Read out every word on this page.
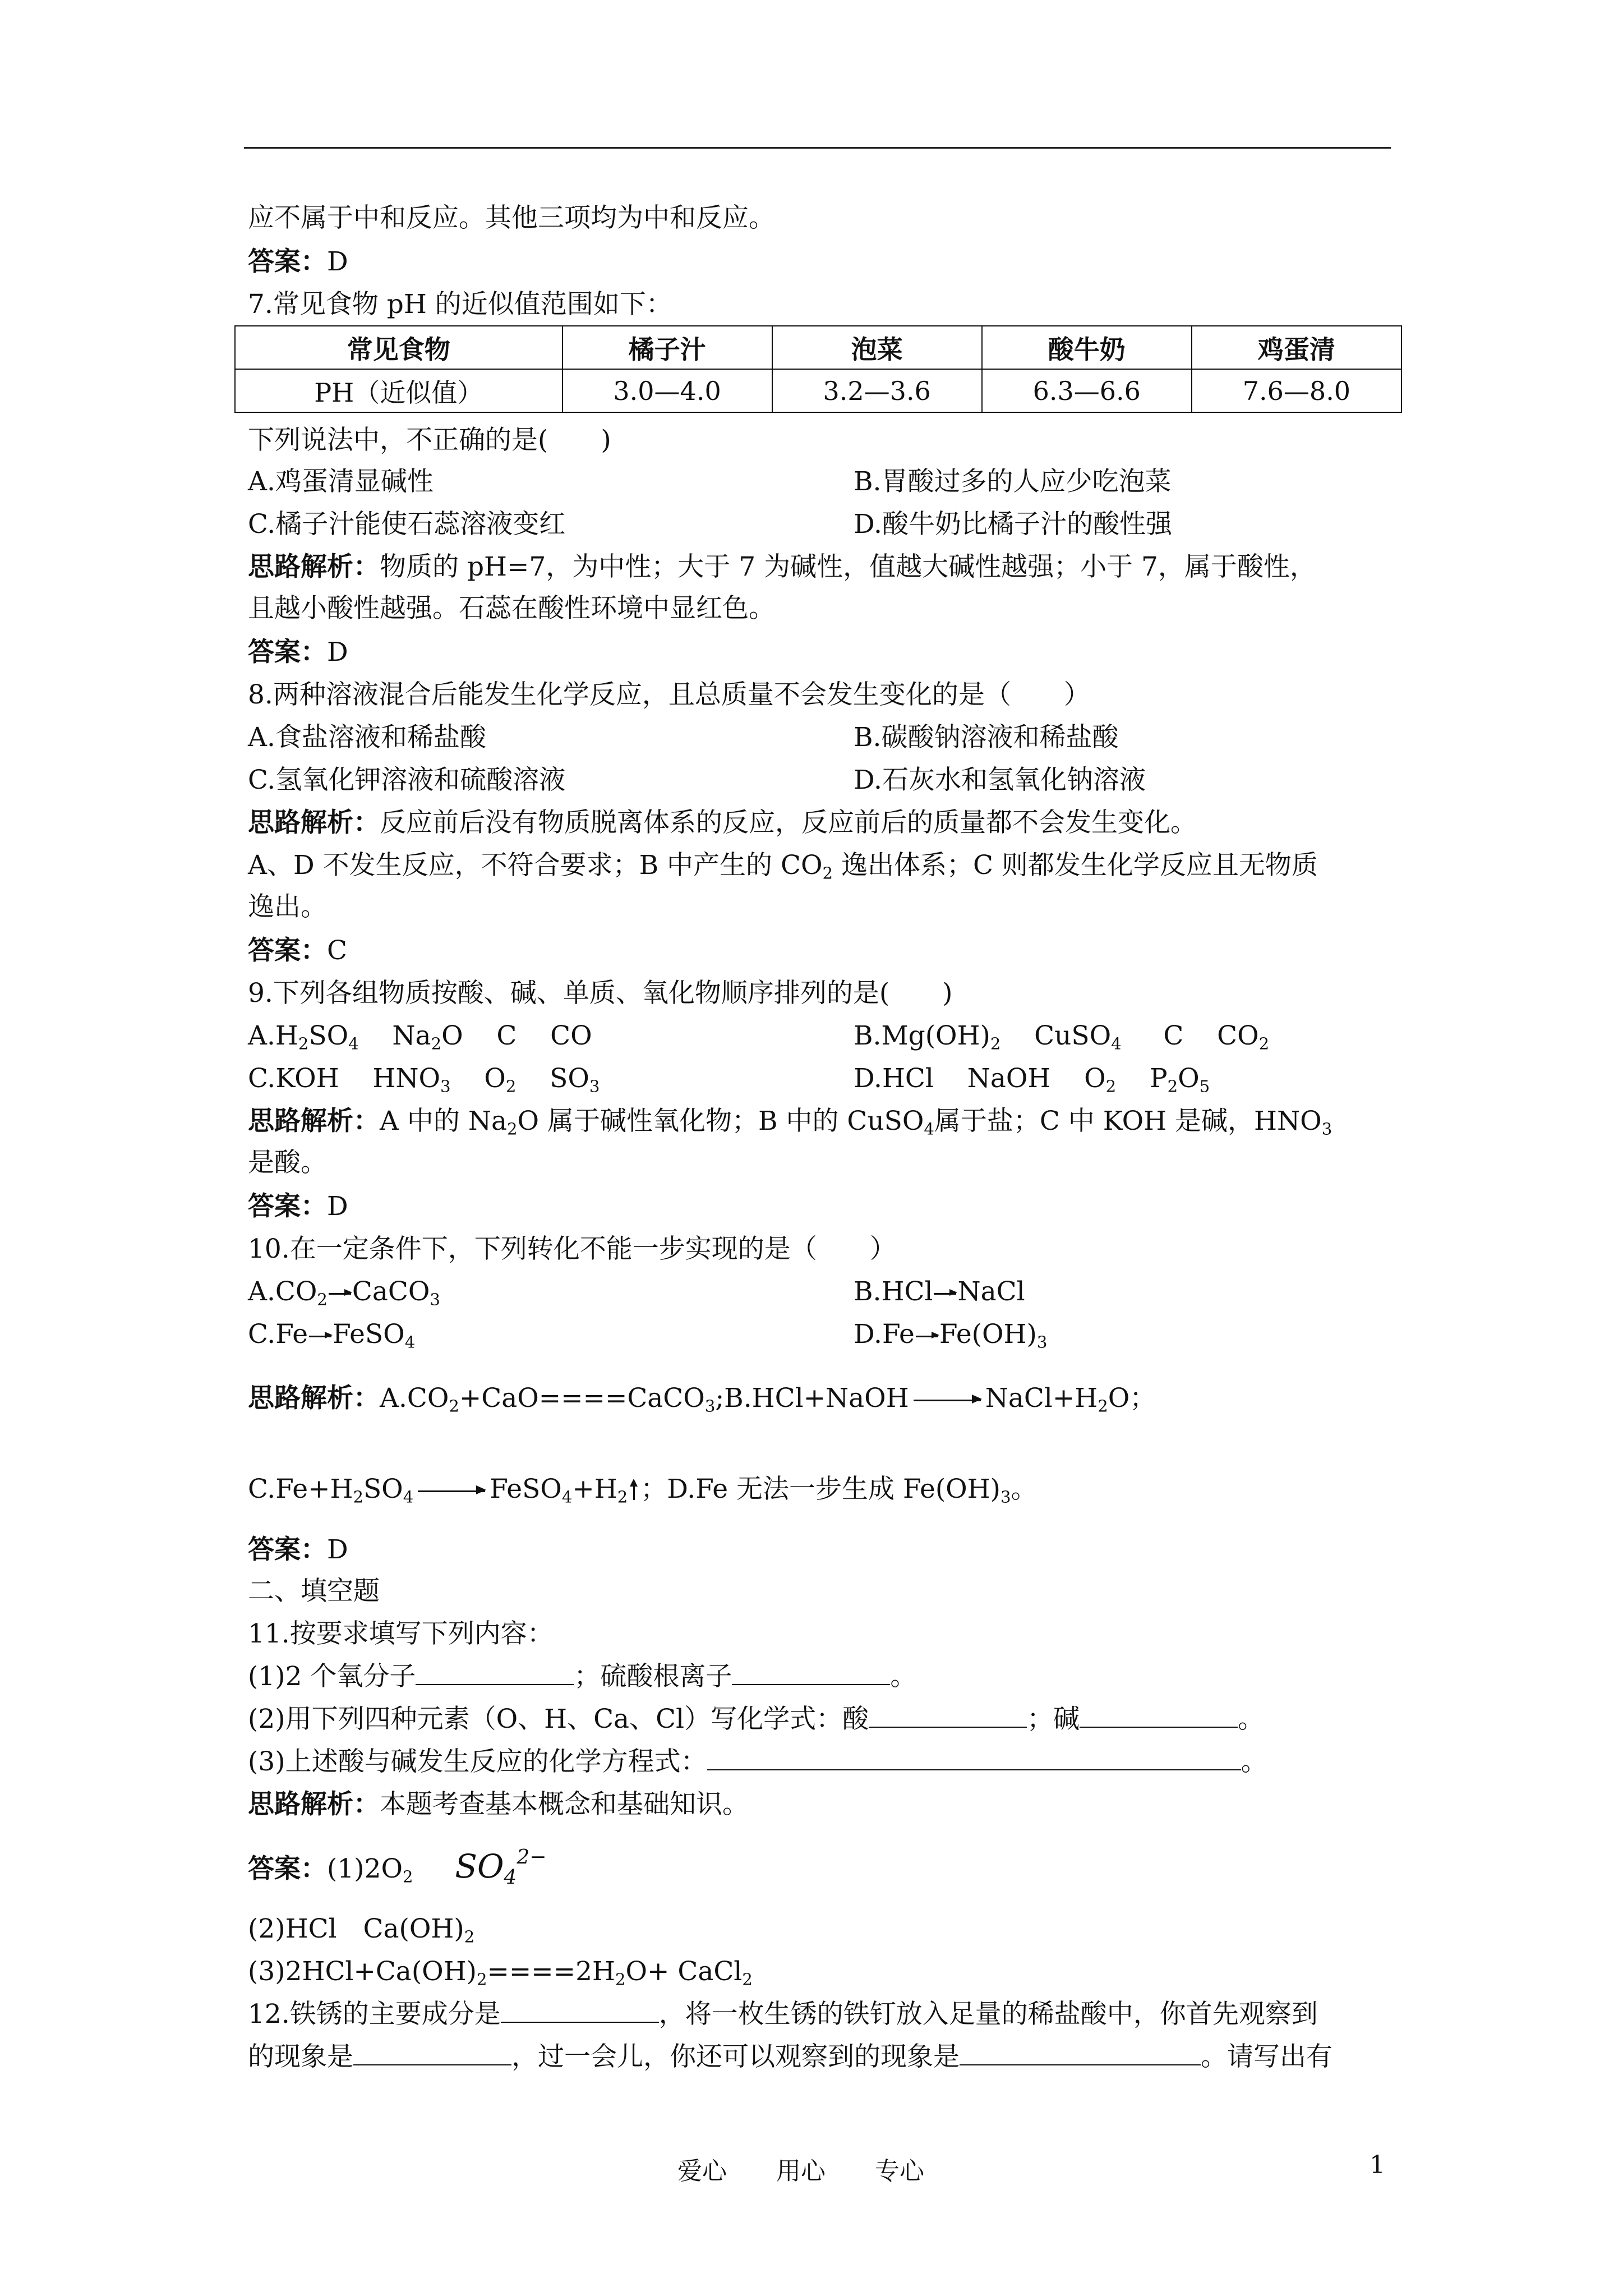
应不属于中和反应。其他三项均为中和反应。
答案：D
7.常见食物 pH 的近似值范围如下：
常见食物	橘子汁	泡菜	酸牛奶	鸡蛋清
PH（近似值）	3.0—4.0	3.2—3.6	6.3—6.6	7.6—8.0
下列说法中，不正确的是(　　)
A.鸡蛋清显碱性	B.胃酸过多的人应少吃泡菜
C.橘子汁能使石蕊溶液变红	D.酸牛奶比橘子汁的酸性强
思路解析：物质的 pH=7，为中性；大于 7 为碱性，值越大碱性越强；小于 7，属于酸性，
且越小酸性越强。石蕊在酸性环境中显红色。
答案：D
8.两种溶液混合后能发生化学反应，且总质量不会发生变化的是（　　）
A.食盐溶液和稀盐酸	B.碳酸钠溶液和稀盐酸
C.氢氧化钾溶液和硫酸溶液	D.石灰水和氢氧化钠溶液
思路解析：反应前后没有物质脱离体系的反应，反应前后的质量都不会发生变化。
A、D 不发生反应，不符合要求；B 中产生的 $CO_2$ 逸出体系；C 则都发生化学反应且无物质
逸出。
答案：C
9.下列各组物质按酸、碱、单质、氧化物顺序排列的是(　　)
$A.H_2SO_4$    $Na_2O$    C    CO	$B.Mg(OH)_2$    CuSO$_4$     C    $CO_2$
C.KOH    $HNO_3$    $O_2$    $SO_3$	D.HCl    NaOH    $O_2$    $P_2O_5$
思路解析：A 中的 $Na_2O$ 属于碱性氧化物；B 中的 CuSO$_4$属于盐；C 中 KOH 是碱，$HNO_3$
是酸。
答案：D
10.在一定条件下，下列转化不能一步实现的是（　　）
$A.CO_2$ CaCO$_3$	B.HCl NaCl
C.Fe FeSO$_4$	D.Fe $Fe(OH)_3$
思路解析：$A.CO_2+CaO====CaCO_3;B.HCl+NaOH$	$NaCl+H_2O$；
$C.Fe+H_2SO_4$	$FeSO_4+H_2$ ；D.Fe 无法一步生成 $Fe(OH)_3$。
答案：D
二、填空题
11.按要求填写下列内容：
(1)2 个氧分子	；硫酸根离子	。
(2)用下列四种元素（O、H、Ca、Cl）写化学式：酸	；碱	。
(3)上述酸与碱发生反应的化学方程式：	。
思路解析：本题考查基本概念和基础知识。
答案：$(1)2O_2$ $SO_4^{2-}$
(2)HCl　$Ca(OH)_2$
$(3)2HCl+Ca(OH)_2====2H_2O+$ CaCl$_2$
12.铁锈的主要成分是	，将一枚生锈的铁钉放入足量的稀盐酸中，你首先观察到
的现象是	，过一会儿，你还可以观察到的现象是	。请写出有
爱心　　用心　　专心	1
